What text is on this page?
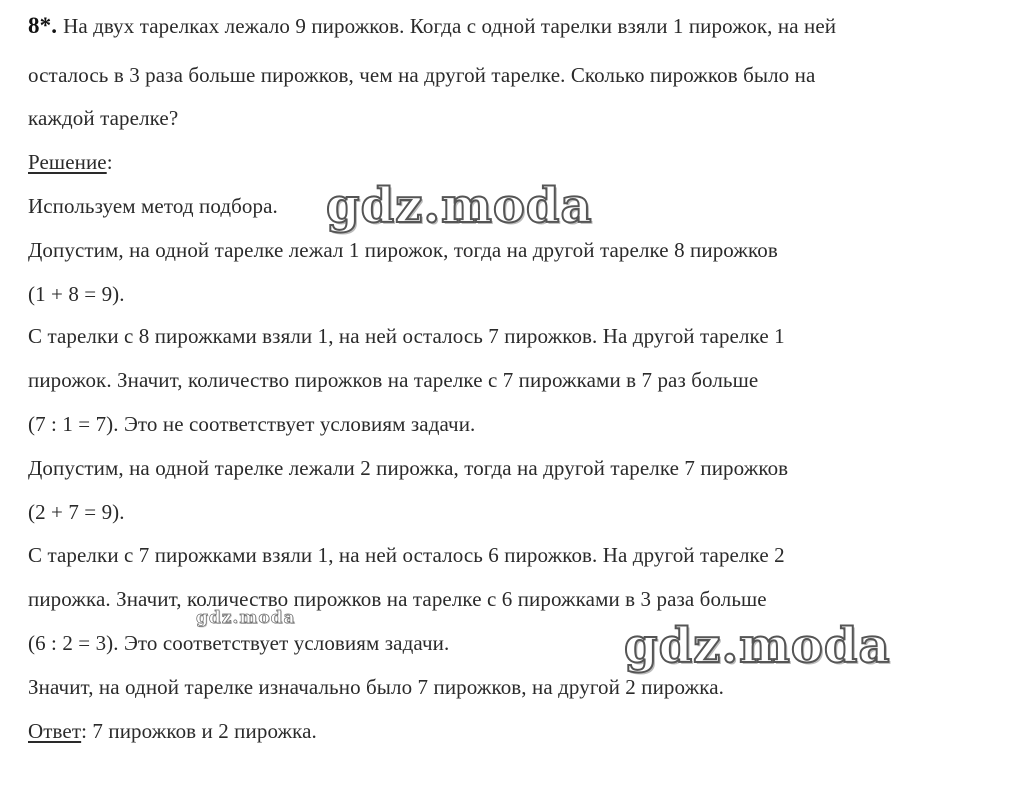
8*. На двух тарелках лежало 9 пирожков. Когда с одной тарелки взяли 1 пирожок, на ней
осталось в 3 раза больше пирожков, чем на другой тарелке. Сколько пирожков было на
каждой тарелке?
Решение:
Используем метод подбора.
Допустим, на одной тарелке лежал 1 пирожок, тогда на другой тарелке 8 пирожков
(1 + 8 = 9).
С тарелки с 8 пирожками взяли 1, на ней осталось 7 пирожков. На другой тарелке 1
пирожок. Значит, количество пирожков на тарелке с 7 пирожками в 7 раз больше
(7 : 1 = 7). Это не соответствует условиям задачи.
Допустим, на одной тарелке лежали 2 пирожка, тогда на другой тарелке 7 пирожков
(2 + 7 = 9).
С тарелки с 7 пирожками взяли 1, на ней осталось 6 пирожков. На другой тарелке 2
пирожка. Значит, количество пирожков на тарелке с 6 пирожками в 3 раза больше
(6 : 2 = 3). Это соответствует условиям задачи.
Значит, на одной тарелке изначально было 7 пирожков, на другой 2 пирожка.
Ответ: 7 пирожков и 2 пирожка.
gdz.moda
gdz.moda	gdz.moda
